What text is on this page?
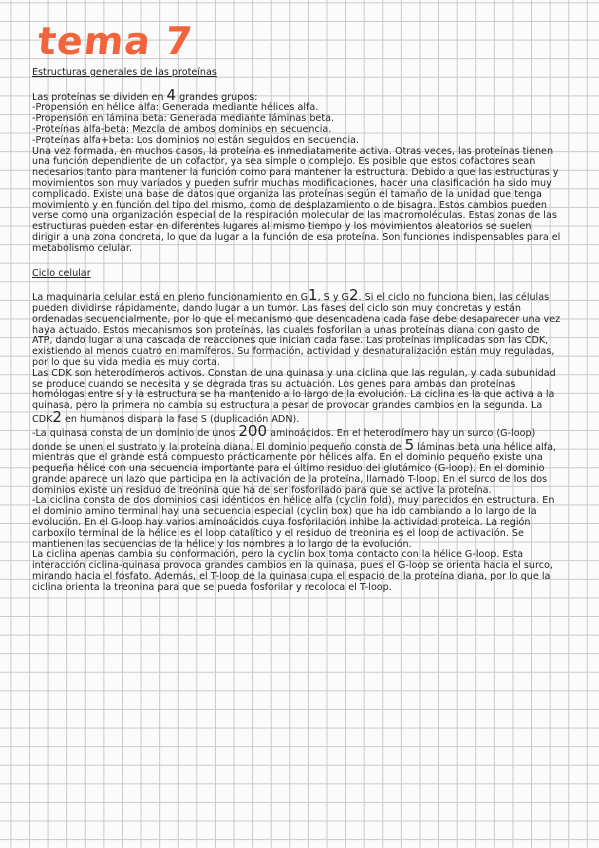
tema 7

Estructuras generales de las proteínas

Las proteínas se dividen en 4 grandes grupos:

-Propensión en hélice alfa: Generada mediante hélices alfa.

-Propensión en lámina beta: Generada mediante láminas beta.

-Proteínas alfa-beta: Mezcla de ambos dominios en secuencia.

-Proteínas alfa+beta: Los dominios no están seguidos en secuencia.

Una vez formada, en muchos casos, la proteína es inmediatamente activa. Otras veces, las proteínas tienen una función dependiente de un cofactor, ya sea simple o complejo. Es posible que estos cofactores sean necesarios tanto para mantener la función como para mantener la estructura. Debido a que las estructuras y movimientos son muy variados y pueden sufrir muchas modificaciones, hacer una clasificación ha sido muy complicado. Existe una base de datos que organiza las proteínas según el tamaño de la unidad que tenga movimiento y en función del tipo del mismo, como de desplazamiento o de bisagra. Estos cambios pueden verse como una organización especial de la respiración molecular de las macromoléculas. Estas zonas de las estructuras pueden estar en diferentes lugares al mismo tiempo y los movimientos aleatorios se suelen dirigir a una zona concreta, lo que da lugar a la función de esa proteína. Son funciones indispensables para el metabolismo celular.

Ciclo celular

La maquinaria celular está en pleno funcionamiento en G1, S y G2. Si el ciclo no funciona bien, las células pueden dividirse rápidamente, dando lugar a un tumor. Las fases del ciclo son muy concretas y están ordenadas secuencialmente, por lo que el mecanismo que desencadena cada fase debe desaparecer una vez haya actuado. Estos mecanismos son proteínas, las cuales fosforilan a unas proteínas diana con gasto de ATP, dando lugar a una cascada de reacciones que inician cada fase. Las proteínas implicadas son las CDK, existiendo al menos cuatro en mamíferos. Su formación, actividad y desnaturalización están muy reguladas, por lo que su vida media es muy corta.

Las CDK son heterodímeros activos. Constan de una quinasa y una ciclina que las regulan, y cada subunidad se produce cuando se necesita y se degrada tras su actuación. Los genes para ambas dan proteínas homólogas entre sí y la estructura se ha mantenido a lo largo de la evolución. La ciclina es la que activa a la quinasa, pero la primera no cambia su estructura a pesar de provocar grandes cambios en la segunda. La CDK2 en humanos dispara la fase S (duplicación ADN).

-La quinasa consta de un dominio de unos 200 aminoácidos. En el heterodímero hay un surco (G-loop) donde se unen el sustrato y la proteína diana. El dominio pequeño consta de 5 láminas beta una hélice alfa, mientras que el grande está compuesto prácticamente por hélices alfa. En el dominio pequeño existe una pequeña hélice con una secuencia importante para el último residuo del glutámico (G-loop). En el dominio grande aparece un lazo que participa en la activación de la proteína, llamado T-loop. En el surco de los dos dominios existe un residuo de treonina que ha de ser fosforilado para que se active la proteína.

-La ciclina consta de dos dominios casi idénticos en hélice alfa (cyclin fold), muy parecidos en estructura. En el dominio amino terminal hay una secuencia especial (cyclin box) que ha ido cambiando a lo largo de la evolución. En el G-loop hay varios aminoácidos cuya fosforilación inhibe la actividad proteica. La región carboxilo terminal de la hélice es el loop catalítico y el residuo de treonina es el loop de activación. Se mantienen las secuencias de la hélice y los nombres a lo largo de la evolución.

La ciclina apenas cambia su conformación, pero la cyclin box toma contacto con la hélice G-loop. Esta interacción ciclina-quinasa provoca grandes cambios en la quinasa, pues el G-loop se orienta hacia el surco, mirando hacia el fosfato. Además, el T-loop de la quinasa cupa el espacio de la proteína diana, por lo que la ciclina orienta la treonina para que se pueda fosforilar y recoloca el T-loop.
